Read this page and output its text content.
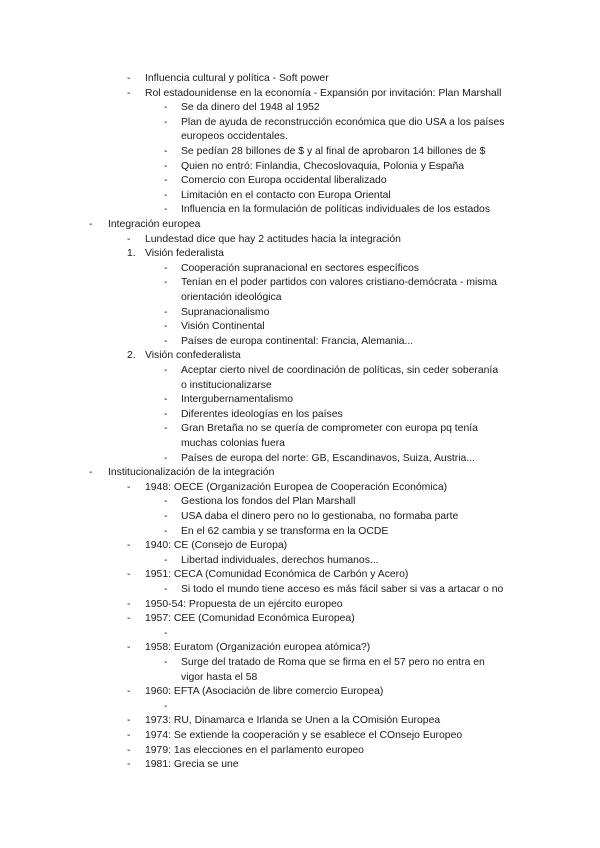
- Influencia cultural y política - Soft power
- Rol estadounidense en la economía - Expansión por invitación: Plan Marshall
- Se da dinero del 1948 al 1952
- Plan de ayuda de reconstrucción económica que dio USA a los países
europeos occidentales.
- Se pedían 28 billones de $ y al final de aprobaron 14 billones de $
- Quien no entró: Finlandia, Checoslovaquia, Polonia y España
- Comercio con Europa occidental liberalizado
- Limitación en el contacto con Europa Oriental
- Influencia en la formulación de políticas individuales de los estados
- Integración europea
- Lundestad dice que hay 2 actitudes hacia la integración
1. Visión federalista
- Cooperación supranacional en sectores específicos
- Tenían en el poder partidos con valores cristiano-demócrata - misma
orientación ideológica
- Supranacionalismo
- Visión Continental
- Países de europa continental: Francia, Alemania...
2. Visión confederalista
- Aceptar cierto nivel de coordinación de políticas, sin ceder soberanía
o institucionalizarse
- Intergubernamentalismo
- Diferentes ideologías en los países
- Gran Bretaña no se quería de comprometer con europa pq tenía
muchas colonias fuera
- Países de europa del norte: GB, Escandinavos, Suiza, Austria...
- Institucionalización de la integración
- 1948: OECE (Organización Europea de Cooperación Económica)
- Gestiona los fondos del Plan Marshall
- USA daba el dinero pero no lo gestionaba, no formaba parte
- En el 62 cambia y se transforma en la OCDE
- 1940: CE (Consejo de Europa)
- Libertad individuales, derechos humanos...
- 1951: CECA (Comunidad Económica de Carbón y Acero)
- Si todo el mundo tiene acceso es más fácil saber si vas a artacar o no
- 1950-54: Propuesta de un ejército europeo
- 1957: CEE (Comunidad Económica Europea)
-
- 1958: Euratom (Organización europea atómica?)
- Surge del tratado de Roma que se firma en el 57 pero no entra en
vigor hasta el 58
- 1960: EFTA (Asociación de libre comercio Europea)
-
- 1973: RU, Dinamarca e Irlanda se Unen a la COmisión Europea
- 1974: Se extiende la cooperación y se esablece el COnsejo Europeo
- 1979: 1as elecciones en el parlamento europeo
- 1981: Grecia se une
